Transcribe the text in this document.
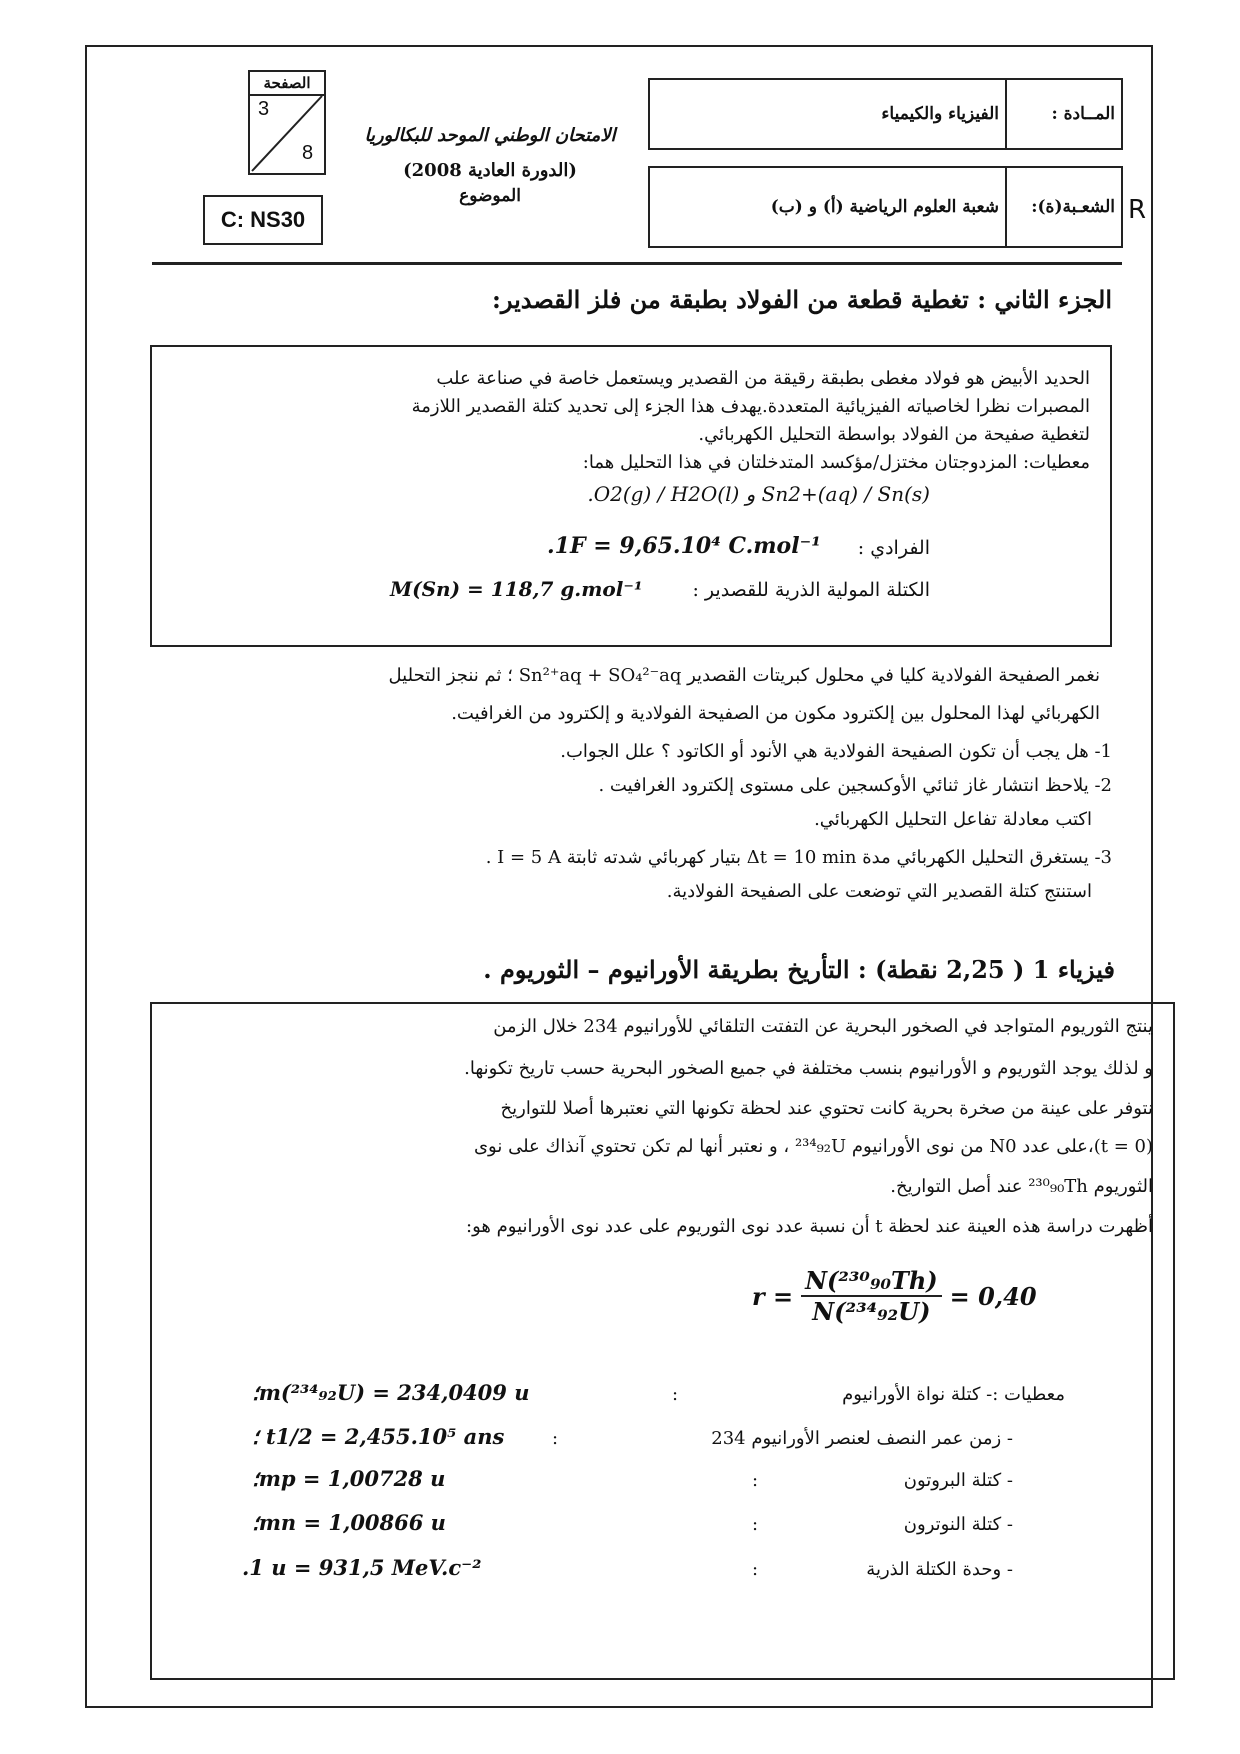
الصفحة
3
8
C: NS30
الامتحان الوطني الموحد للبكالوريا
(الدورة العادية 2008)
الموضوع
المــادة :
الفيزياء والكيمياء
الشعـبة(ة):
شعبة العلوم الرياضية (أ) و (ب)	R
الجزء الثاني : تغطية قطعة من الفولاد بطبقة من فلز القصدير:
الحديد الأبيض هو فولاد مغطى بطبقة رقيقة من القصدير ويستعمل خاصة في صناعة علب
المصبرات نظرا لخاصياته الفيزيائية المتعددة.يهدف هذا الجزء إلى تحديد كتلة القصدير اللازمة
لتغطية صفيحة من الفولاد بواسطة التحليل الكهربائي.
معطيات: المزدوجتان مختزل/مؤكسد المتدخلتان في هذا التحليل هما:
.O2(g) / H2O(l) و Sn2+(aq) / Sn(s)
الفرادي :
.1F = 9,65.10⁴ C.mol⁻¹
الكتلة المولية الذرية للقصدير :
M(Sn) = 118,7 g.mol⁻¹
نغمر الصفيحة الفولادية كليا في محلول كبريتات القصدير Sn²⁺aq + SO₄²⁻aq ؛ ثم ننجز التحليل
الكهربائي لهذا المحلول بين إلكترود مكون من الصفيحة الفولادية و إلكترود من الغرافيت.
1- هل يجب أن تكون الصفيحة الفولادية هي الأنود أو الكاتود ؟ علل الجواب.
2- يلاحظ انتشار غاز ثنائي الأوكسجين على مستوى إلكترود الغرافيت .
اكتب معادلة تفاعل التحليل الكهربائي.
3- يستغرق التحليل الكهربائي مدة Δt = 10 min بتيار كهربائي شدته ثابتة I = 5 A .
استنتج كتلة القصدير التي توضعت على الصفيحة الفولادية.
فيزياء 1 ( 2,25 نقطة) : التأريخ بطريقة الأورانيوم – الثوريوم .
ينتج الثوريوم المتواجد في الصخور البحرية عن التفتت التلقائي للأورانيوم 234 خلال الزمن
و لذلك يوجد الثوريوم و الأورانيوم بنسب مختلفة في جميع الصخور البحرية حسب تاريخ تكونها.
نتوفر على عينة من صخرة بحرية كانت تحتوي عند لحظة تكونها التي نعتبرها أصلا للتواريخ
(t = 0)،على عدد N0 من نوى الأورانيوم ²³⁴₉₂U ، و نعتبر أنها لم تكن تحتوي آنذاك على نوى
الثوريوم ²³⁰₉₀Th عند أصل التواريخ.
أظهرت دراسة هذه العينة عند لحظة t أن نسبة عدد نوى الثوريوم على عدد نوى الأورانيوم هو:
$r = \frac{\text{N(²³⁰₉₀Th)}}{\text{N(²³⁴₉₂U)}} = 0,40$
معطيات :- كتلة نواة الأورانيوم
:
؛m(²³⁴₉₂U) = 234,0409 u
- زمن عمر النصف لعنصر الأورانيوم 234
:
؛ t1/2 = 2,455.10⁵ ans
- كتلة البروتون
:
؛mp = 1,00728 u
- كتلة النوترون
:
؛mn = 1,00866 u
- وحدة الكتلة الذرية
:
.1 u = 931,5 MeV.c⁻²
